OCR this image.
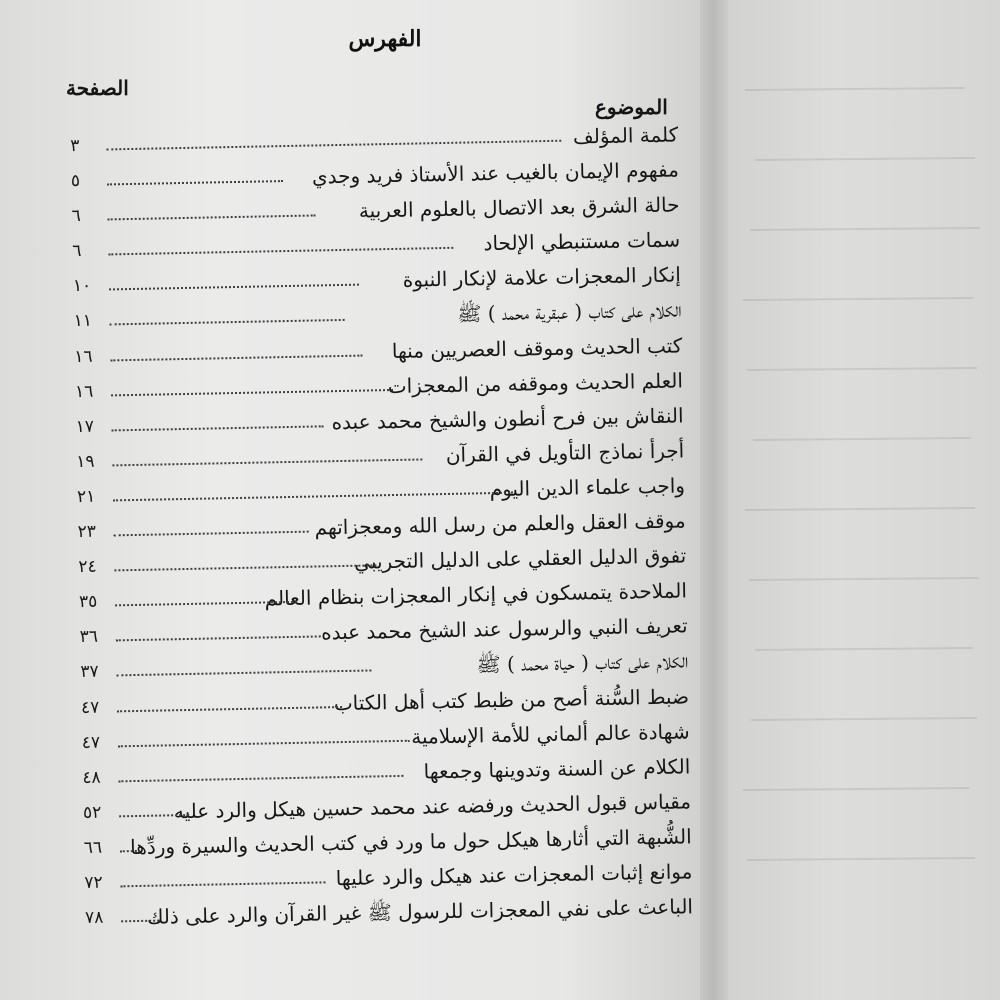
الفهرس
الموضوع
الصفحة
كلمة المؤلف
٣
مفهوم الإيمان بالغيب عند الأستاذ فريد وجدي
٥
حالة الشرق بعد الاتصال بالعلوم العربية
٦
سمات مستنبطي الإلحاد
٦
إنكار المعجزات علامة لإنكار النبوة
١٠
الكلام على كتاب ( عبقرية محمد ) ﷺ
١١
كتب الحديث وموقف العصريين منها
١٦
العلم الحديث وموقفه من المعجزات
١٦
النقاش بين فرح أنطون والشيخ محمد عبده
١٧
أجرأ نماذج التأويل في القرآن
١٩
واجب علماء الدين اليوم
٢١
موقف العقل والعلم من رسل الله ومعجزاتهم
٢٣
تفوق الدليل العقلي على الدليل التجريبي
٢٤
الملاحدة يتمسكون في إنكار المعجزات بنظام العالم
٣٥
تعريف النبي والرسول عند الشيخ محمد عبده
٣٦
الكلام على كتاب ( حياة محمد ) ﷺ
٣٧
ضبط السُّنة أصح من ظبط كتب أهل الكتاب
٤٧
شهادة عالم ألماني للأمة الإسلامية
٤٧
الكلام عن السنة وتدوينها وجمعها
٤٨
مقياس قبول الحديث ورفضه عند محمد حسين هيكل والرد عليه
٥٢
الشُّبهة التي أثارها هيكل حول ما ورد في كتب الحديث والسيرة وردِّها
٦٦
موانع إثبات المعجزات عند هيكل والرد عليها
٧٢
الباعث على نفي المعجزات للرسول ﷺ غير القرآن والرد على ذلك
٧٨
